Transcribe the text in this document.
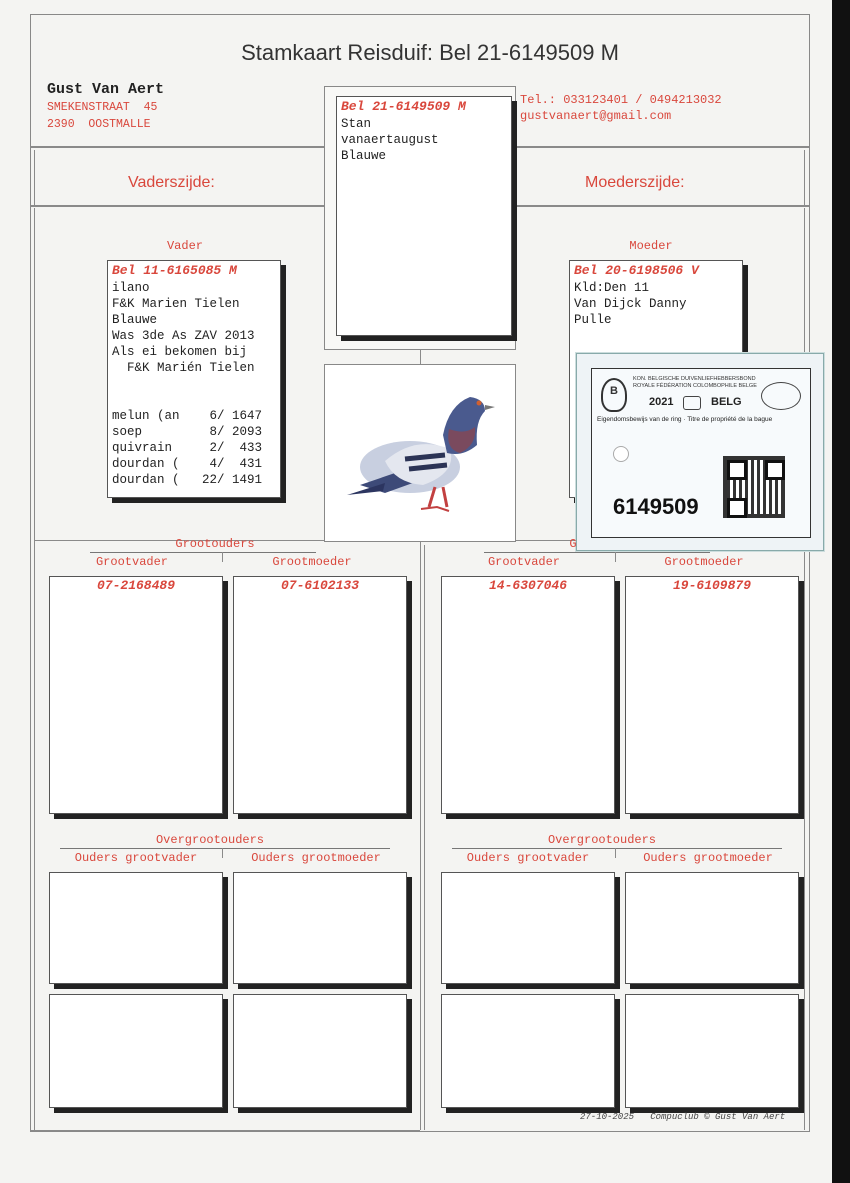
Stamkaart Reisduif: Bel 21-6149509 M
Gust Van Aert
SMEKENSTRAAT  45
2390  OOSTMALLE
Tel.: 033123401 / 0494213032
gustvanaert@gmail.com
Vaderszijde:	Moederszijde:
Bel 21-6149509 M
Stan
vanaertaugust
Blauwe
Vader
Bel 11-6165085 M
ilano
F&K Marien Tielen
Blauwe
Was 3de As ZAV 2013
Als ei bekomen bij
F&K Marién Tielen
melun (an    6/ 1647
soep         8/ 2093
quivrain     2/  433
dourdan (    4/  431
dourdan (   22/ 1491
Moeder
Bel 20-6198506 V
Kld:Den 11
Van Dijck Danny
Pulle
KON. BELGISCHE DUIVENLIEFHEBBERSBOND
ROYALE FÉDÉRATION COLOMBOPHILE BELGE
B
2021	BELG
Eigendomsbewijs van de ring · Titre de propriété de la bague
6149509
Grootouders
Grootvader	Grootmoeder
07-2168489	07-6102133
G
Grootvader	Grootmoeder
14-6307046	19-6109879
Overgrootouders
Ouders grootvader	Ouders grootmoeder
Overgrootouders
Ouders grootvader	Ouders grootmoeder
27-10-2025   Compuclub © Gust Van Aert
